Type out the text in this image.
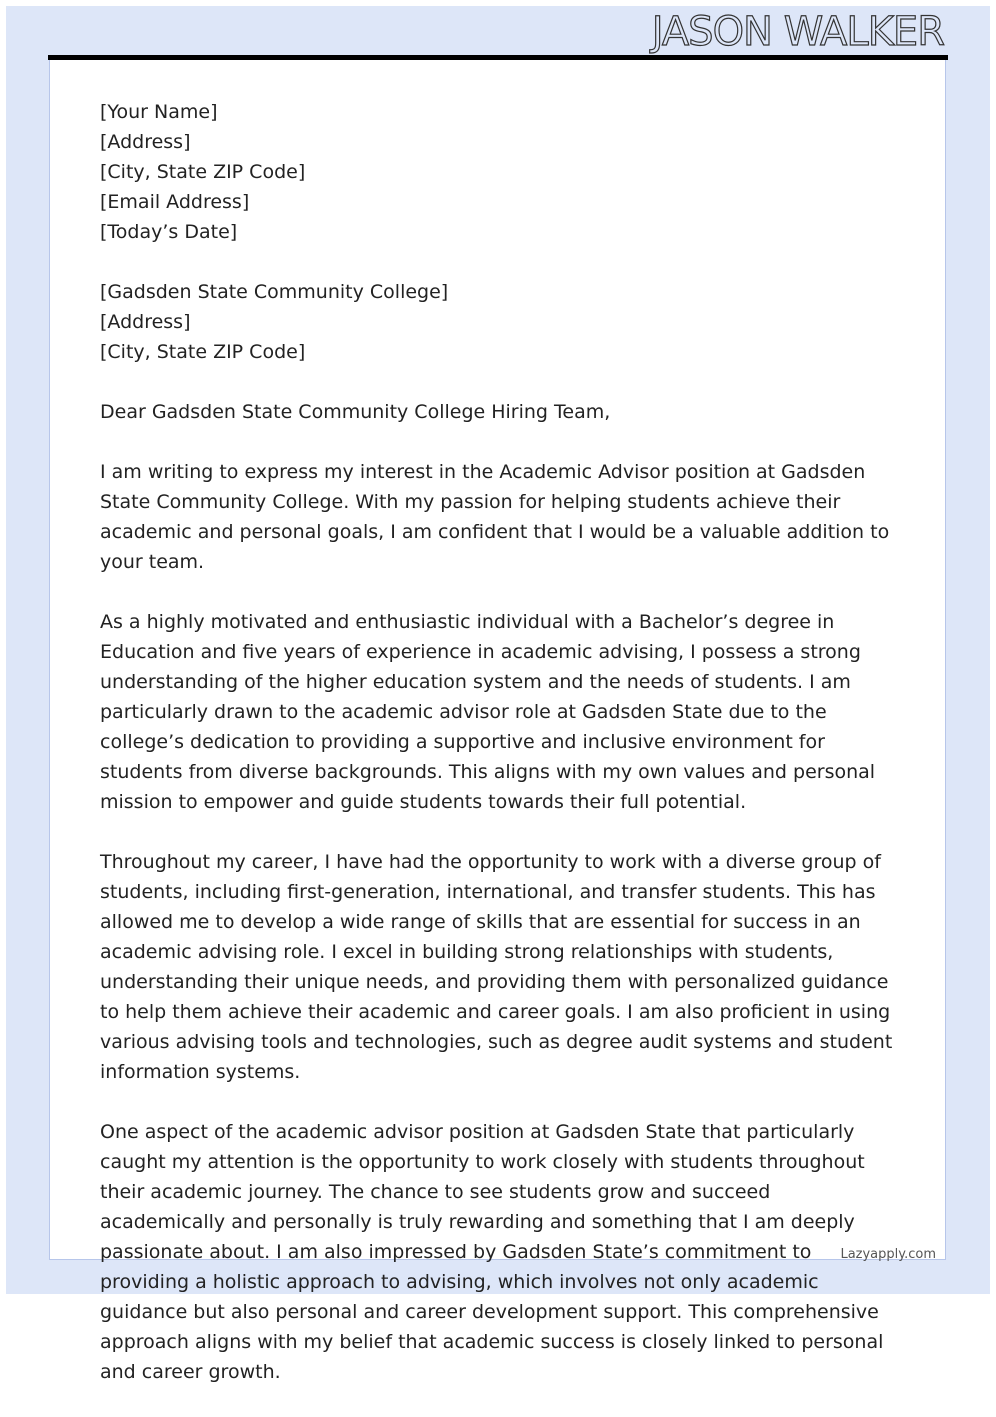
JASON WALKER
[Your Name]
[Address]
[City, State ZIP Code]
[Email Address]
[Today’s Date]
[Gadsden State Community College]
[Address]
[City, State ZIP Code]

Dear Gadsden State Community College Hiring Team,

I am writing to express my interest in the Academic Advisor position at Gadsden State Community College. With my passion for helping students achieve their academic and personal goals, I am confident that I would be a valuable addition to your team.

As a highly motivated and enthusiastic individual with a Bachelor’s degree in Education and five years of experience in academic advising, I possess a strong understanding of the higher education system and the needs of students. I am particularly drawn to the academic advisor role at Gadsden State due to the college’s dedication to providing a supportive and inclusive environment for students from diverse backgrounds. This aligns with my own values and personal mission to empower and guide students towards their full potential.

Throughout my career, I have had the opportunity to work with a diverse group of students, including first-generation, international, and transfer students. This has allowed me to develop a wide range of skills that are essential for success in an academic advising role. I excel in building strong relationships with students, understanding their unique needs, and providing them with personalized guidance to help them achieve their academic and career goals. I am also proficient in using various advising tools and technologies, such as degree audit systems and student information systems.

One aspect of the academic advisor position at Gadsden State that particularly caught my attention is the opportunity to work closely with students throughout their academic journey. The chance to see students grow and succeed academically and personally is truly rewarding and something that I am deeply passionate about. I am also impressed by Gadsden State’s commitment to providing a holistic approach to advising, which involves not only academic guidance but also personal and career development support. This comprehensive approach aligns with my belief that academic success is closely linked to personal and career growth.

Lazyapply.com
